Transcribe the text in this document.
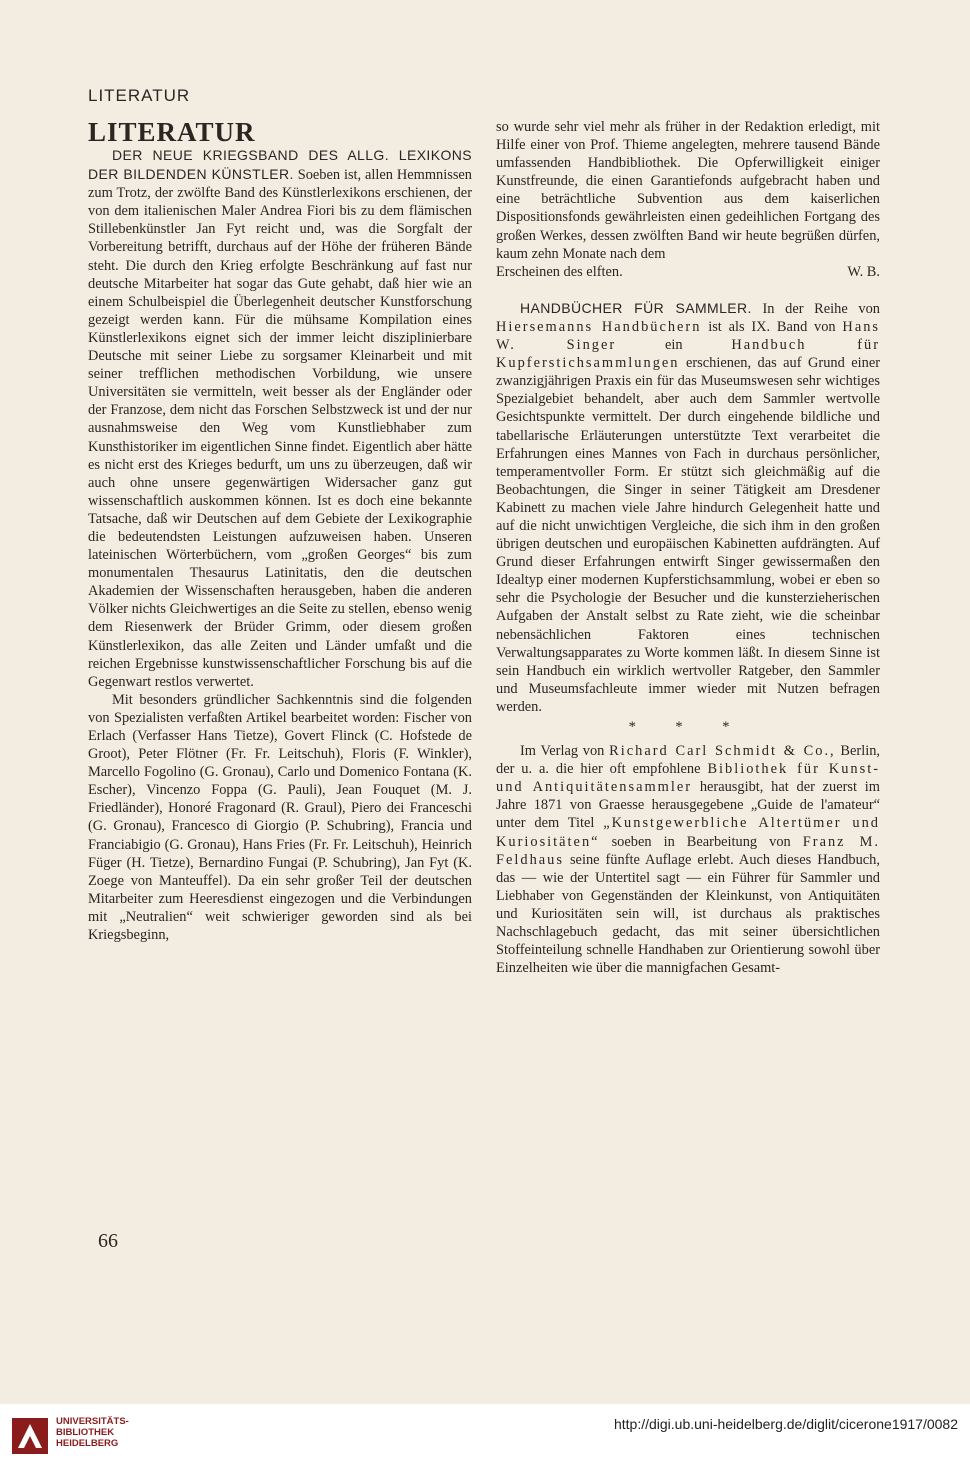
LITERATUR
LITERATUR

DER NEUE KRIEGSBAND DES ALLG. LEXIKONS DER BILDENDEN KÜNSTLER. Soeben ist, allen Hemmnissen zum Trotz, der zwölfte Band des Künstlerlexikons erschienen, der von dem italienischen Maler Andrea Fiori bis zu dem flämischen Stillebenkünstler Jan Fyt reicht und, was die Sorgfalt der Vorbereitung betrifft, durchaus auf der Höhe der früheren Bände steht. Die durch den Krieg erfolgte Beschränkung auf fast nur deutsche Mitarbeiter hat sogar das Gute gehabt, daß hier wie an einem Schulbeispiel die Überlegenheit deutscher Kunstforschung gezeigt werden kann. Für die mühsame Kompilation eines Künstlerlexikons eignet sich der immer leicht disziplinierbare Deutsche mit seiner Liebe zu sorgsamer Kleinarbeit und mit seiner trefflichen methodischen Vorbildung, wie unsere Universitäten sie vermitteln, weit besser als der Engländer oder der Franzose, dem nicht das Forschen Selbstzweck ist und der nur ausnahmsweise den Weg vom Kunstliebhaber zum Kunsthistoriker im eigentlichen Sinne findet. Eigentlich aber hätte es nicht erst des Krieges bedurft, um uns zu überzeugen, daß wir auch ohne unsere gegenwärtigen Widersacher ganz gut wissenschaftlich auskommen können. Ist es doch eine bekannte Tatsache, daß wir Deutschen auf dem Gebiete der Lexikographie die bedeutendsten Leistungen aufzuweisen haben. Unseren lateinischen Wörterbüchern, vom „großen Georges“ bis zum monumentalen Thesaurus Latinitatis, den die deutschen Akademien der Wissenschaften herausgeben, haben die anderen Völker nichts Gleichwertiges an die Seite zu stellen, ebenso wenig dem Riesenwerk der Brüder Grimm, oder diesem großen Künstlerlexikon, das alle Zeiten und Länder umfaßt und die reichen Ergebnisse kunstwissenschaftlicher Forschung bis auf die Gegenwart restlos verwertet.

Mit besonders gründlicher Sachkenntnis sind die folgenden von Spezialisten verfaßten Artikel bearbeitet worden: Fischer von Erlach (Verfasser Hans Tietze), Govert Flinck (C. Hofstede de Groot), Peter Flötner (Fr. Fr. Leitschuh), Floris (F. Winkler), Marcello Fogolino (G. Gronau), Carlo und Domenico Fontana (K. Escher), Vincenzo Foppa (G. Pauli), Jean Fouquet (M. J. Friedländer), Honoré Fragonard (R. Graul), Piero dei Franceschi (G. Gronau), Francesco di Giorgio (P. Schubring), Francia und Franciabigio (G. Gronau), Hans Fries (Fr. Fr. Leitschuh), Heinrich Füger (H. Tietze), Bernardino Fungai (P. Schubring), Jan Fyt (K. Zoege von Manteuffel). Da ein sehr großer Teil der deutschen Mitarbeiter zum Heeresdienst eingezogen und die Verbindungen mit „Neutralien“ weit schwieriger geworden sind als bei Kriegsbeginn,

so wurde sehr viel mehr als früher in der Redaktion erledigt, mit Hilfe einer von Prof. Thieme angelegten, mehrere tausend Bände umfassenden Handbibliothek. Die Opferwilligkeit einiger Kunstfreunde, die einen Garantiefonds aufgebracht haben und eine beträchtliche Subvention aus dem kaiserlichen Dispositionsfonds gewährleisten einen gedeihlichen Fortgang des großen Werkes, dessen zwölften Band wir heute begrüßen dürfen, kaum zehn Monate nach dem

Erscheinen des elften.	W. B.

HANDBÜCHER FÜR SAMMLER. In der Reihe von Hiersemanns Handbüchern ist als IX. Band von Hans W. Singer	ein	Handbuch für Kupferstichsammlungen erschienen, das auf Grund einer zwanzigjährigen Praxis ein für das Museumswesen sehr wichtiges Spezialgebiet behandelt, aber auch dem Sammler wertvolle Gesichtspunkte vermittelt. Der durch eingehende bildliche und tabellarische Erläuterungen unterstützte Text verarbeitet die Erfahrungen eines Mannes von Fach in durchaus persönlicher, temperamentvoller Form. Er stützt sich gleichmäßig auf die Beobachtungen, die Singer in seiner Tätigkeit am Dresdener Kabinett zu machen viele Jahre hindurch Gelegenheit hatte und auf die nicht unwichtigen Vergleiche, die sich ihm in den großen übrigen deutschen und europäischen Kabinetten aufdrängten. Auf Grund dieser Erfahrungen entwirft Singer gewissermaßen den Idealtyp einer modernen Kupferstichsammlung, wobei er eben so sehr die Psychologie der Besucher und die kunsterzieherischen Aufgaben der Anstalt selbst zu Rate zieht, wie die scheinbar nebensächlichen Faktoren eines technischen Verwaltungsapparates zu Worte kommen läßt. In diesem Sinne ist sein Handbuch ein wirklich wertvoller Ratgeber, den Sammler und Museumsfachleute immer wieder mit Nutzen befragen werden.

* * *

Im Verlag von Richard Carl Schmidt & Co., Berlin, der u. a. die hier oft empfohlene Bibliothek für Kunst- und Antiquitätensammler herausgibt, hat der zuerst im Jahre 1871 von Graesse herausgegebene „Guide de l'amateur“ unter dem Titel „Kunstgewerbliche Altertümer und Kuriositäten“ soeben in Bearbeitung von Franz M. Feldhaus seine fünfte Auflage erlebt. Auch dieses Handbuch, das — wie der Untertitel sagt — ein Führer für Sammler und Liebhaber von Gegenständen der Kleinkunst, von Antiquitäten und Kuriositäten sein will, ist durchaus als praktisches Nachschlagebuch gedacht, das mit seiner übersichtlichen Stoffeinteilung schnelle Handhaben zur Orientierung sowohl über Einzelheiten wie über die mannigfachen Gesamt-

66
UNIVERSITÄTS-
BIBLIOTHEK
HEIDELBERG
http://digi.ub.uni-heidelberg.de/diglit/cicerone1917/0082
